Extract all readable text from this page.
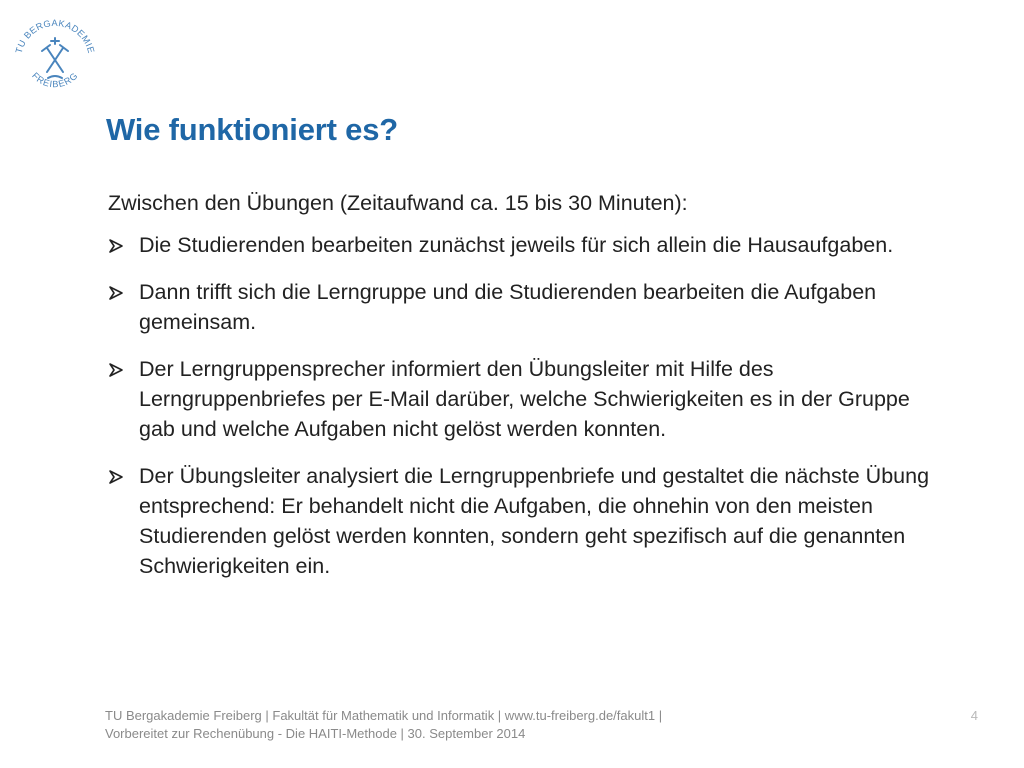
TU BERGAKADEMIE
FREIBERG
Wie funktioniert es?

Zwischen den Übungen (Zeitaufwand ca. 15 bis 30 Minuten):

Die Studierenden bearbeiten zunächst jeweils für sich allein die Hausaufgaben.
Dann trifft sich die Lerngruppe und die Studierenden bearbeiten die Aufgaben gemeinsam.
Der Lerngruppensprecher informiert den Übungsleiter mit Hilfe des Lerngruppenbriefes per E-Mail darüber, welche Schwierigkeiten es in der Gruppe gab und welche Aufgaben nicht gelöst werden konnten.
Der Übungsleiter analysiert die Lerngruppenbriefe und gestaltet die nächste Übung entsprechend: Er behandelt nicht die Aufgaben, die ohnehin von den meisten Studierenden gelöst werden konnten, sondern geht spezifisch auf die genannten Schwierigkeiten ein.
TU Bergakademie Freiberg | Fakultät für Mathematik und Informatik | www.tu-freiberg.de/fakult1 |
Vorbereitet zur Rechenübung - Die HAITI-Methode | 30. September 2014
4
